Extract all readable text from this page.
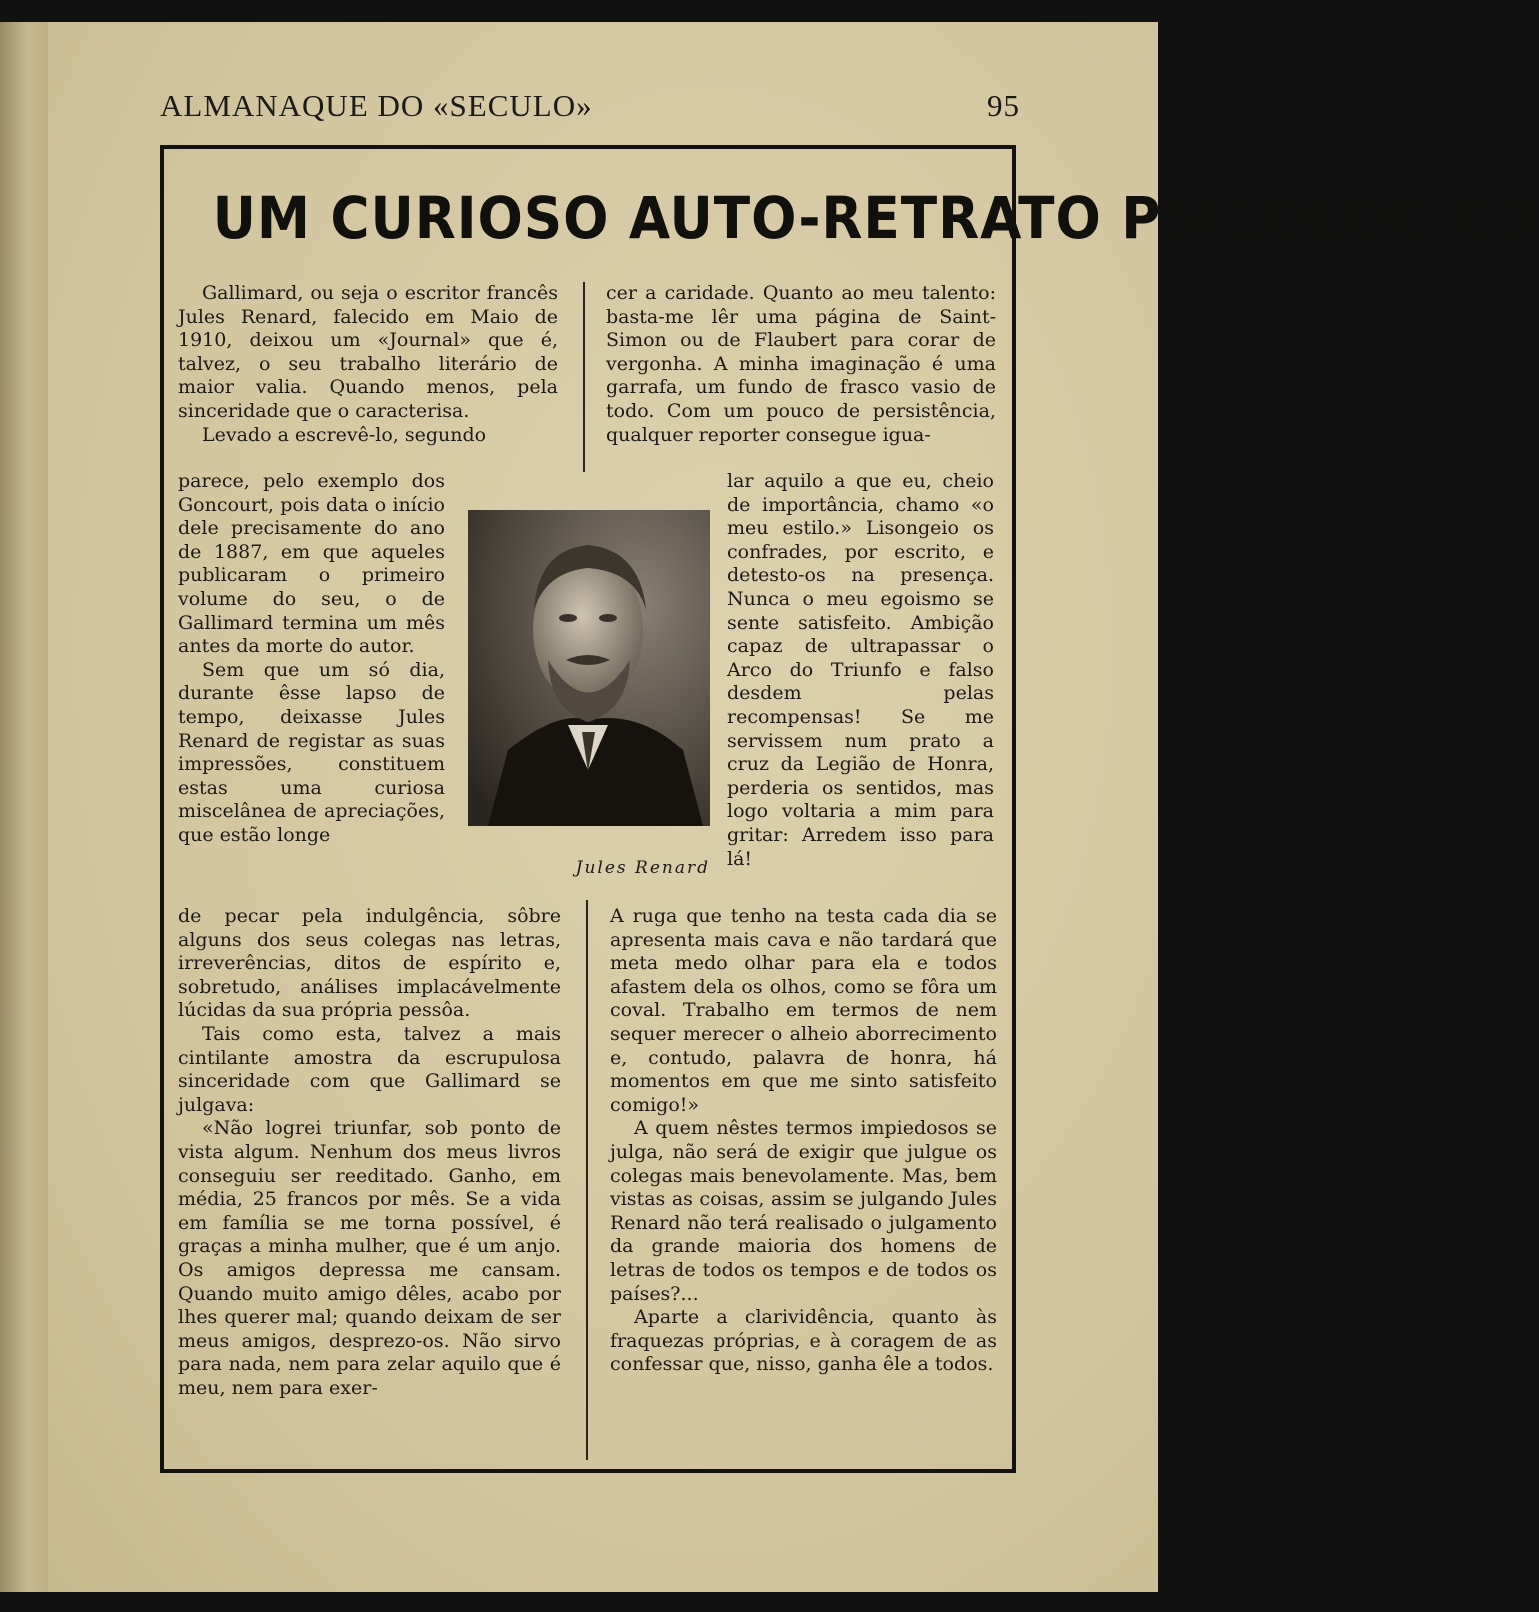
ALMANAQUE DO «SECULO»	95
UM CURIOSO AUTO-RETRATO PSICOLÓGICO

Gallimard, ou seja o escritor francês Jules Renard, falecido em Maio de 1910, deixou um «Journal» que é, talvez, o seu trabalho literário de maior valia. Quando menos, pela sinceridade que o caracterisa.

Levado a escrevê-lo, segundo

parece, pelo exemplo dos Goncourt, pois data o início dele precisamente do ano de 1887, em que aqueles publicaram o primeiro volume do seu, o de Gallimard termina um mês antes da morte do autor.

Sem que um só dia, durante êsse lapso de tempo, deixasse Jules Renard de registar as suas impressões, constituem estas uma curiosa miscelânea de apreciações, que estão longe

de pecar pela indulgência, sôbre alguns dos seus colegas nas letras, irreverências, ditos de espírito e, sobretudo, análises implacávelmente lúcidas da sua própria pessôa.

Tais como esta, talvez a mais cintilante amostra da escrupulosa sinceridade com que Gallimard se julgava:

«Não logrei triunfar, sob ponto de vista algum. Nenhum dos meus livros conseguiu ser reeditado. Ganho, em média, 25 francos por mês. Se a vida em família se me torna possível, é graças a minha mulher, que é um anjo. Os amigos depressa me cansam. Quando muito amigo dêles, acabo por lhes querer mal; quando deixam de ser meus amigos, desprezo-os. Não sirvo para nada, nem para zelar aquilo que é meu, nem para exer-

cer a caridade. Quanto ao meu talento: basta-me lêr uma página de Saint-Simon ou de Flaubert para corar de vergonha. A minha imaginação é uma garrafa, um fundo de frasco vasio de todo. Com um pouco de persistência, qualquer reporter consegue igua-

lar aquilo a que eu, cheio de importância, chamo «o meu estilo.» Lisongeio os confrades, por escrito, e detesto-os na presença. Nunca o meu egoismo se sente satisfeito. Ambição capaz de ultrapassar o Arco do Triunfo e falso desdem pelas recompensas! Se me servissem num prato a cruz da Legião de Honra, perderia os sentidos, mas logo voltaria a mim para gritar: Arredem isso para lá!

A ruga que tenho na testa cada dia se apresenta mais cava e não tardará que meta medo olhar para ela e todos afastem dela os olhos, como se fôra um coval. Trabalho em termos de nem sequer merecer o alheio aborrecimento e, contudo, palavra de honra, há momentos em que me sinto satisfeito comigo!»

A quem nêstes termos impiedosos se julga, não será de exigir que julgue os colegas mais benevolamente. Mas, bem vistas as coisas, assim se julgando Jules Renard não terá realisado o julgamento da grande maioria dos homens de letras de todos os tempos e de todos os países?...

Aparte a clarividência, quanto às fraquezas próprias, e à coragem de as confessar que, nisso, ganha êle a todos.

Jules Renard
